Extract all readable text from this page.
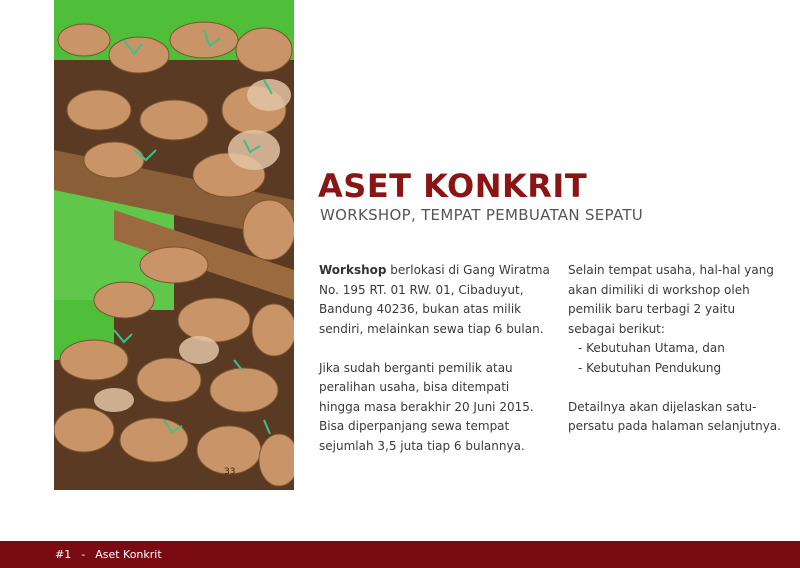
33
ASET KONKRIT
WORKSHOP, TEMPAT PEMBUATAN SEPATU

Workshop berlokasi di Gang Wiratma No. 195 RT. 01 RW. 01, Cibaduyut, Bandung 40236, bukan atas milik sendiri, melainkan sewa tiap 6 bulan.

Jika sudah berganti pemilik atau peralihan usaha, bisa ditempati hingga masa berakhir 20 Juni 2015. Bisa diperpanjang sewa tempat sejumlah 3,5 juta tiap 6 bulannya.

Selain tempat usaha, hal-hal yang akan dimiliki di workshop oleh pemilik baru terbagi 2 yaitu sebagai berikut:

- Kebutuhan Utama, dan
- Kebutuhan Pendukung

Detailnya akan dijelaskan satu-persatu pada halaman selanjutnya.

#1 - Aset Konkrit
